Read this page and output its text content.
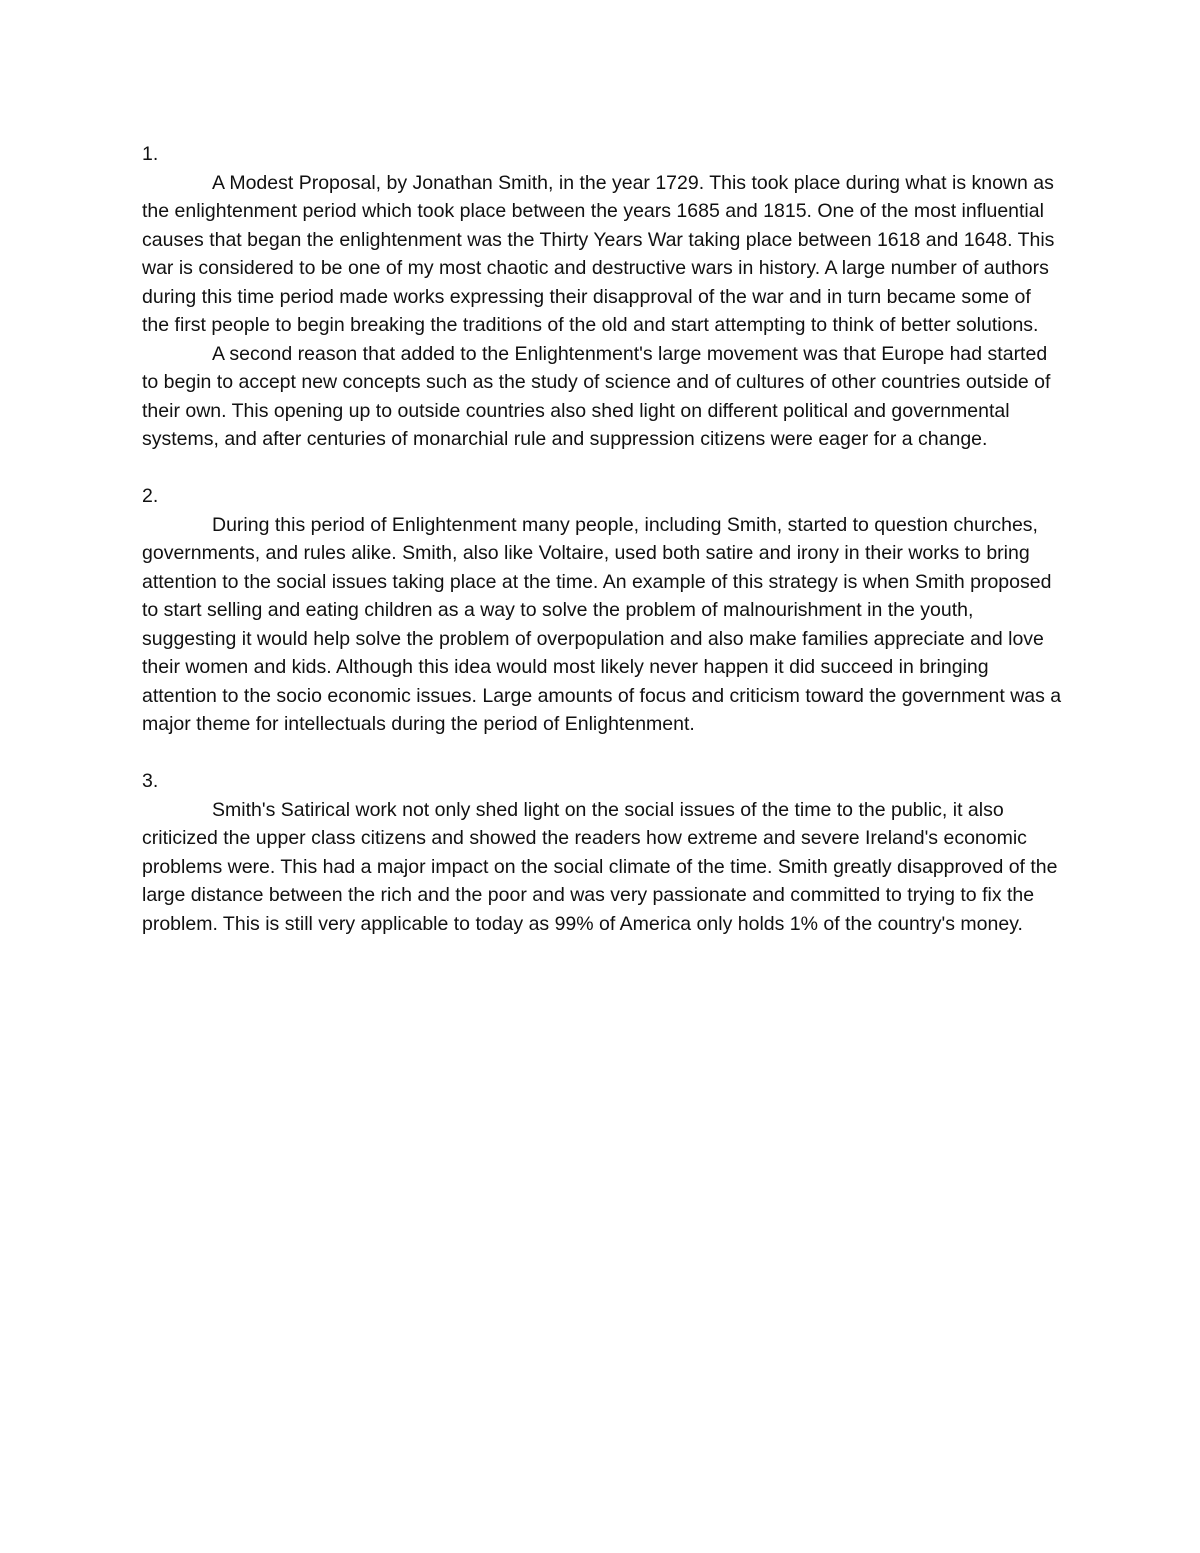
1.

A Modest Proposal, by Jonathan Smith, in the year 1729. This took place during what is known as the enlightenment period which took place between the years 1685 and 1815. One of the most influential causes that began the enlightenment was the Thirty Years War taking place between 1618 and 1648. This war is considered to be one of my most chaotic and destructive wars in history. A large number of authors during this time period made works expressing their disapproval of the war and in turn became some of the first people to begin breaking the traditions of the old and start attempting to think of better solutions.

A second reason that added to the Enlightenment's large movement was that Europe had started to begin to accept new concepts such as the study of science and of cultures of other countries outside of their own. This opening up to outside countries also shed light on different political and governmental systems, and after centuries of monarchial rule and suppression citizens were eager for a change.

2.

During this period of Enlightenment many people, including Smith, started to question churches, governments, and rules alike. Smith, also like Voltaire, used both satire and irony in their works to bring attention to the social issues taking place at the time. An example of this strategy is when Smith proposed to start selling and eating children as a way to solve the problem of malnourishment in the youth, suggesting it would help solve the problem of overpopulation and also make families appreciate and love their women and kids. Although this idea would most likely never happen it did succeed in bringing attention to the socio economic issues. Large amounts of focus and criticism toward the government was a major theme for intellectuals during the period of Enlightenment.

3.

Smith's Satirical work not only shed light on the social issues of the time to the public, it also criticized the upper class citizens and showed the readers how extreme and severe Ireland's economic problems were. This had a major impact on the social climate of the time. Smith greatly disapproved of the large distance between the rich and the poor and was very passionate and committed to trying to fix the problem. This is still very applicable to today as 99% of America only holds 1% of the country's money.
